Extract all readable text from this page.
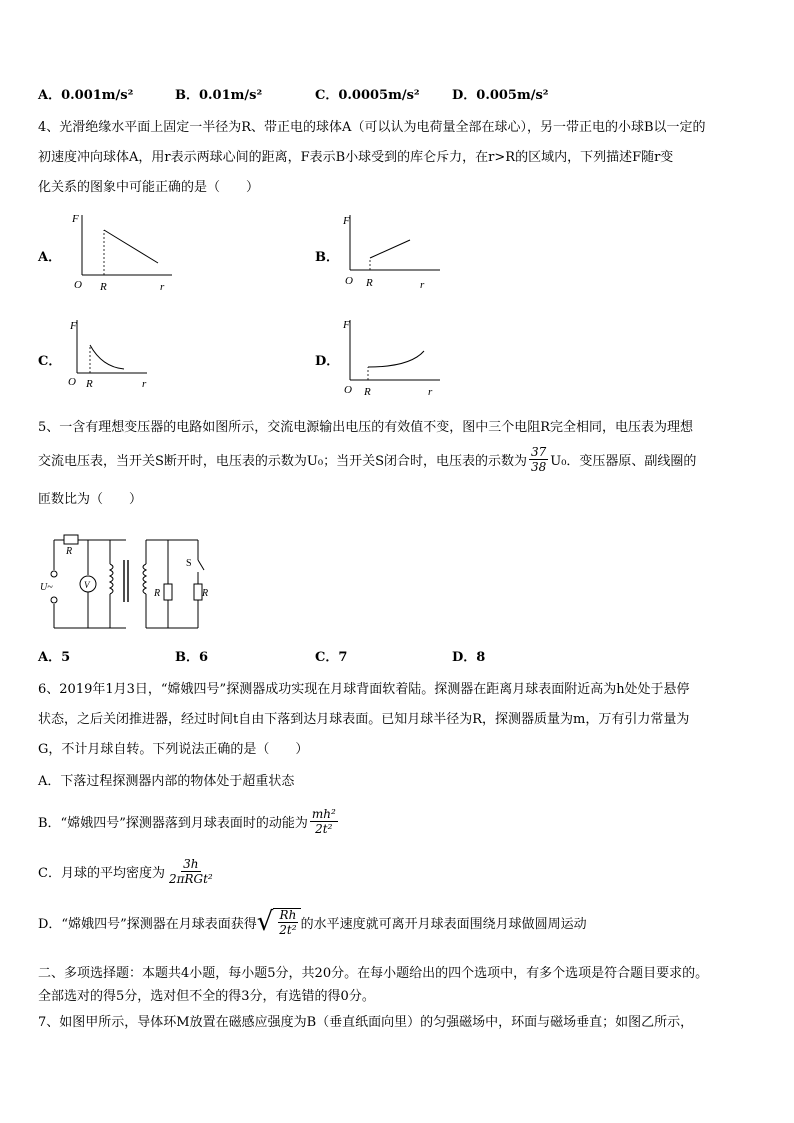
A．0.001m/s²	B．0.01m/s²	C．0.0005m/s² D．0.005m/s²
4、光滑绝缘水平面上固定一半径为R、带正电的球体A（可以认为电荷量全部在球心），另一带正电的小球B以一定的
初速度冲向球体A，用r表示两球心间的距离，F表示B小球受到的库仑斥力，在r>R的区域内，下列描述F随r变
化关系的图象中可能正确的是（　　）
A．	B．
C．	D．
F
O R	r
F
O R	r
F
O R	r
F
O R	r
5、一含有理想变压器的电路如图所示，交流电源输出电压的有效值不变，图中三个电阻R完全相同，电压表为理想
交流电压表，当开关S断开时，电压表的示数为U₀；当开关S闭合时，电压表的示数为 $\frac{37}{38} U_0$．变压器原、副线圈的
匝数比为（　　）
R
U~	V
R
S
R
A．5	B．6	C．7	D．8
6、2019年1月3日，“嫦娥四号”探测器成功实现在月球背面软着陆。探测器在距离月球表面附近高为h处处于悬停
状态，之后关闭推进器，经过时间t自由下落到达月球表面。已知月球半径为R，探测器质量为m，万有引力常量为
G，不计月球自转。下列说法正确的是（　　）
A．下落过程探测器内部的物体处于超重状态
B．“嫦娥四号”探测器落到月球表面时的动能为 $\frac{\text{mh²}}{\text{2t²}}$
C．月球的平均密度为 $\frac{3h}{\text{2πRGt²}}$
D．“嫦娥四号”探测器在月球表面获得 √ $\frac{Rh}{\text{2t²}}$ 的水平速度就可离开月球表面围绕月球做圆周运动
二、多项选择题：本题共4小题，每小题5分，共20分。在每小题给出的四个选项中，有多个选项是符合题目要求的。
全部选对的得5分，选对但不全的得3分，有选错的得0分。
7、如图甲所示，导体环M放置在磁感应强度为B（垂直纸面向里）的匀强磁场中，环面与磁场垂直；如图乙所示，
